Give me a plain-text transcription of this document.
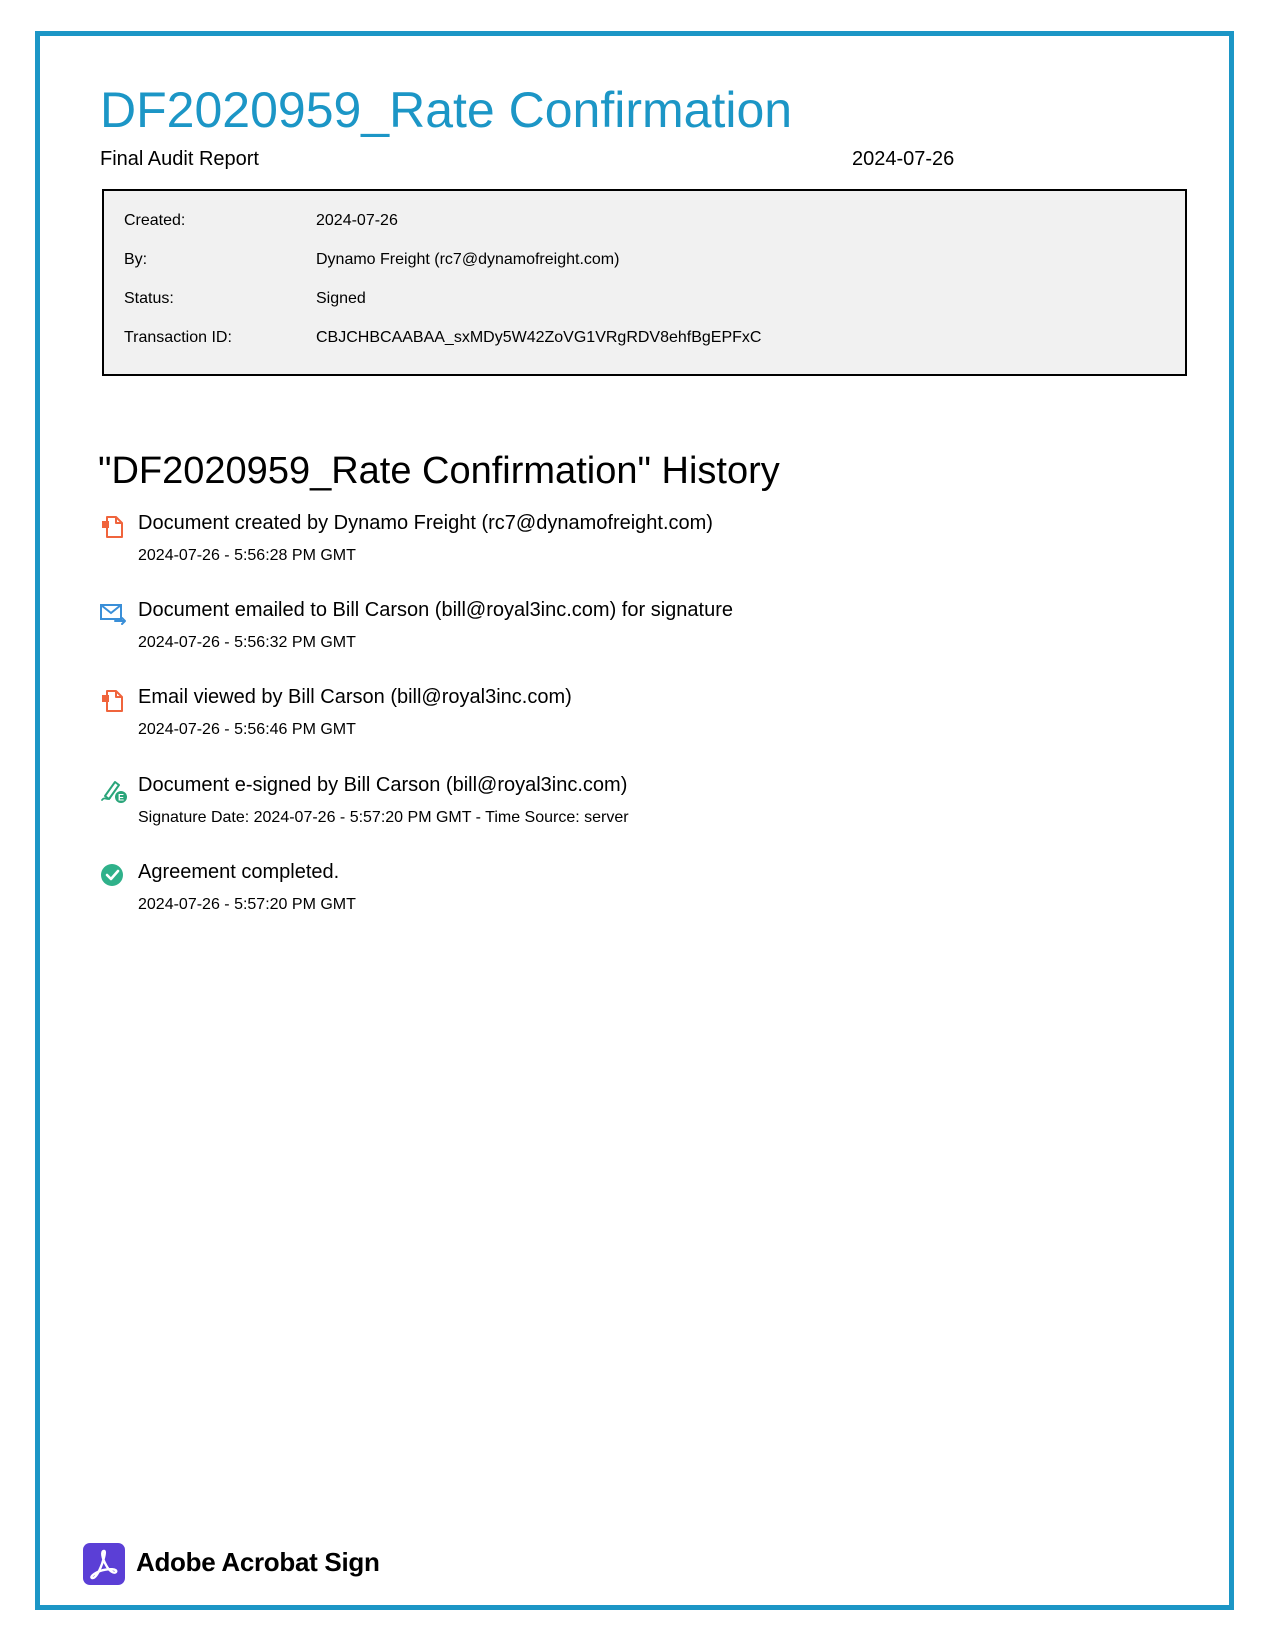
DF2020959_Rate Confirmation
Final Audit Report	2024-07-26
Created:	2024-07-26
By:	Dynamo Freight (rc7@dynamofreight.com)
Status:	Signed
Transaction ID:	CBJCHBCAABAA_sxMDy5W42ZoVG1VRgRDV8ehfBgEPFxC
"DF2020959_Rate Confirmation" History
Document created by Dynamo Freight (rc7@dynamofreight.com)
2024-07-26 - 5:56:28 PM GMT
Document emailed to Bill Carson (bill@royal3inc.com) for signature
2024-07-26 - 5:56:32 PM GMT
Email viewed by Bill Carson (bill@royal3inc.com)
2024-07-26 - 5:56:46 PM GMT
E
Document e-signed by Bill Carson (bill@royal3inc.com)
Signature Date: 2024-07-26 - 5:57:20 PM GMT - Time Source: server
Agreement completed.
2024-07-26 - 5:57:20 PM GMT
Adobe Acrobat Sign
